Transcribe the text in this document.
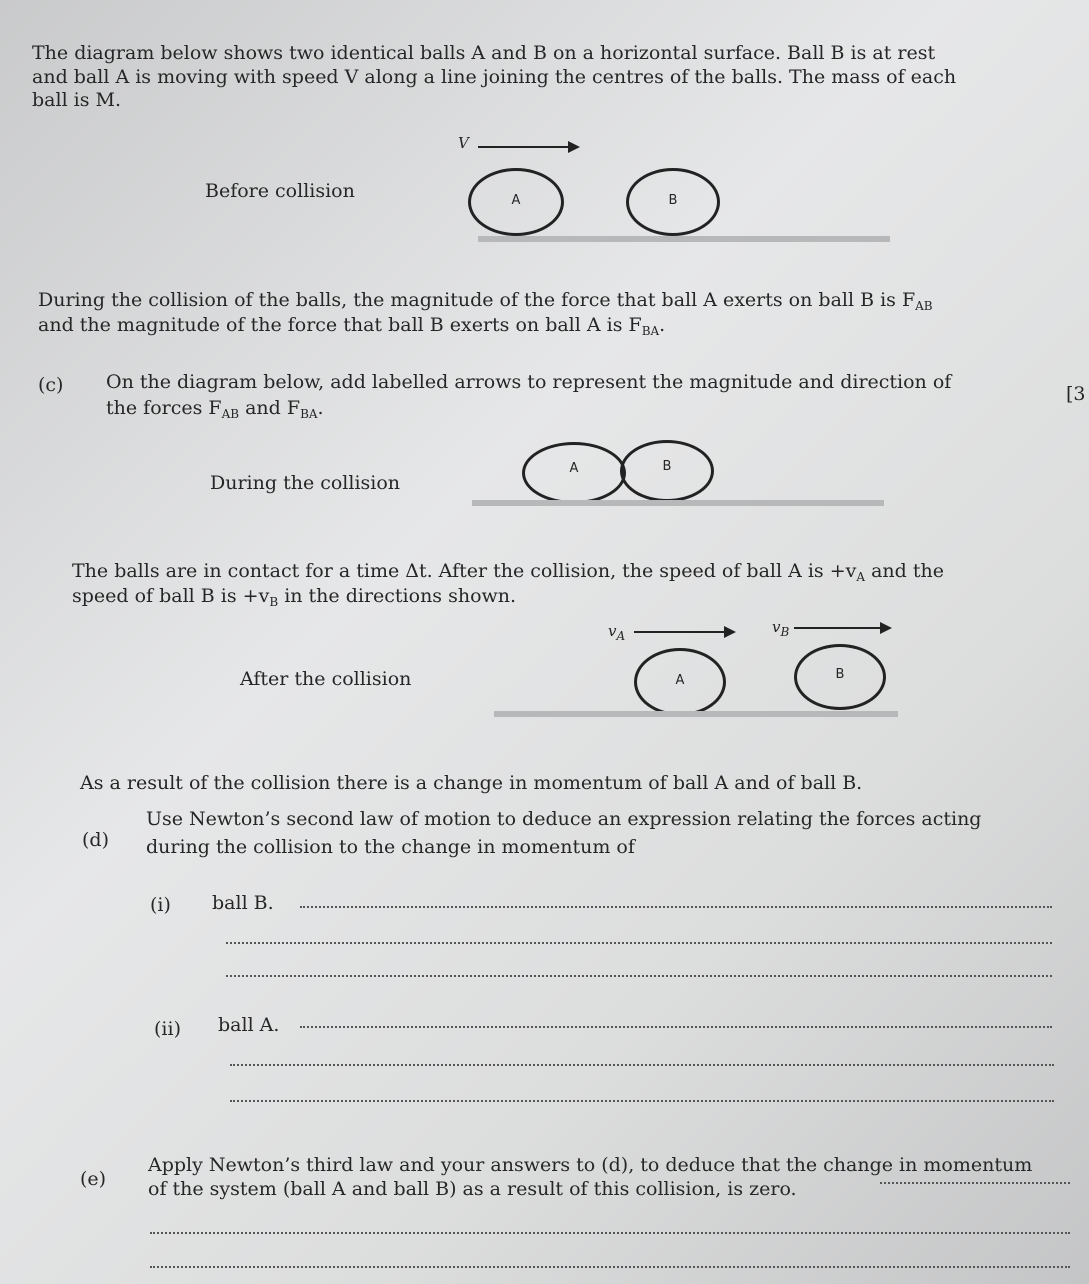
The diagram below shows two identical balls A and B on a horizontal surface. Ball B is at rest
and ball A is moving with speed V along a line joining the centres of the balls. The mass of each
ball is M.
Before collision
V
A	B
During the collision of the balls, the magnitude of the force that ball A exerts on ball B is $F_{AB}$
and the magnitude of the force that ball B exerts on ball A is $F_{BA}$.
(c) On the diagram below, add labelled arrows to represent the magnitude and direction of
the forces $F_{AB}$ and $F_{BA}$.
[3
During the collision
A	B
The balls are in contact for a time Δt. After the collision, the speed of ball A is $+v_A$ and the
speed of ball B is $+v_B$ in the directions shown.
After the collision
$v_A$	$v_B$
A	B
As a result of the collision there is a change in momentum of ball A and of ball B.
(d)
Use Newton’s second law of motion to deduce an expression relating the forces acting
during the collision to the change in momentum of
(i) ball B.
(ii) ball A.
(e)
Apply Newton’s third law and your answers to (d), to deduce that the change in momentum
of the system (ball A and ball B) as a result of this collision, is zero.
